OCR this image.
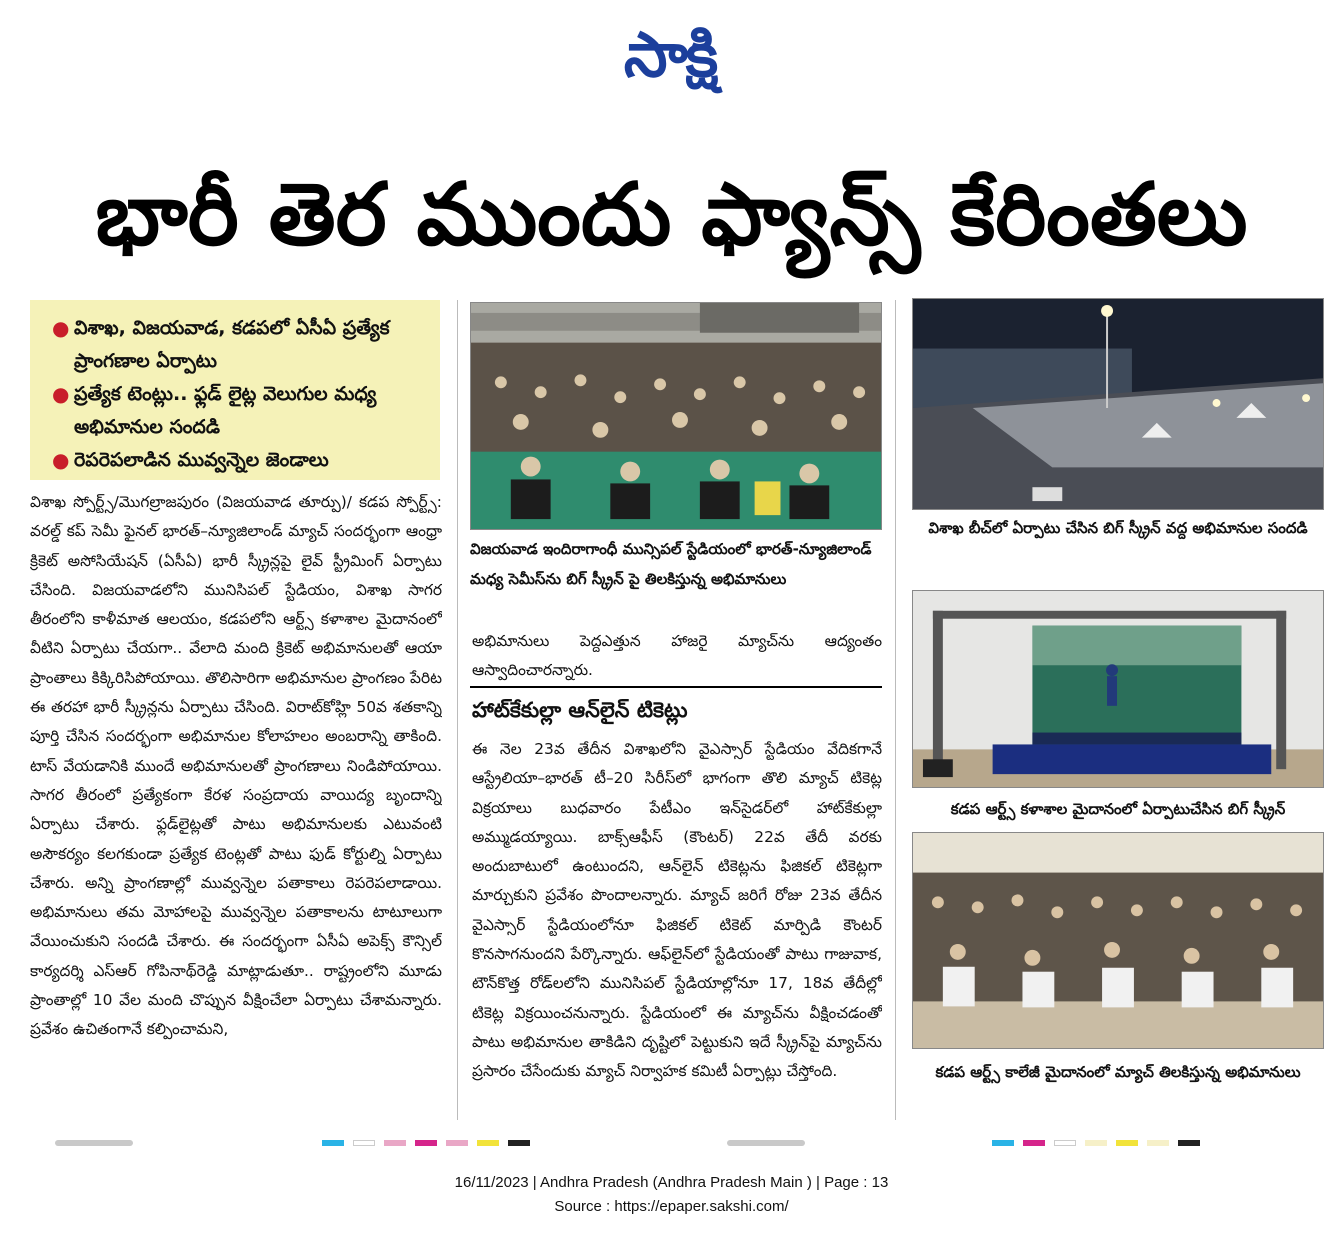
సాక్షి
భారీ తెర ముందు ఫ్యాన్స్ కేరింతలు
● విశాఖ, విజయవాడ, కడపలో ఏసీఏ ప్రత్యేక ప్రాంగణాల ఏర్పాటు
● ప్రత్యేక టెంట్లు.. ఫ్లడ్ లైట్ల వెలుగుల మధ్య అభిమానుల సందడి
● రెపరెపలాడిన మువ్వన్నెల జెండాలు

విశాఖ స్పోర్ట్స్/మొగల్రాజపురం (విజయవాడ తూర్పు)/ కడప స్పోర్ట్స్: వరల్డ్ కప్ సెమీ ఫైనల్ భారత్–న్యూజిలాండ్ మ్యాచ్ సందర్భంగా ఆంధ్రా క్రికెట్ అసోసియేషన్ (ఏసీఏ) భారీ స్క్రీన్లపై లైవ్ స్ట్రీమింగ్ ఏర్పాటు చేసింది. విజయవాడలోని మునిసిపల్ స్టేడియం, విశాఖ సాగర తీరంలోని కాళీమాత ఆలయం, కడపలోని ఆర్ట్స్ కళాశాల మైదానంలో వీటిని ఏర్పాటు చేయగా.. వేలాది మంది క్రికెట్ అభిమానులతో ఆయా ప్రాంతాలు కిక్కిరిసిపోయాయి. తొలిసారిగా అభిమానుల ప్రాంగణం పేరిట ఈ తరహా భారీ స్క్రీన్లను ఏర్పాటు చేసింది. విరాట్‌కోహ్లి 50వ శతకాన్ని పూర్తి చేసిన సందర్భంగా అభిమానుల కోలాహలం అంబరాన్ని తాకింది. టాస్ వేయడానికి ముందే అభిమానులతో ప్రాంగణాలు నిండిపోయాయి. సాగర తీరంలో ప్రత్యేకంగా కేరళ సంప్రదాయ వాయిద్య బృందాన్ని ఏర్పాటు చేశారు. ఫ్లడ్‌లైట్లతో పాటు అభిమానులకు ఎటువంటి అసౌకర్యం కలగకుండా ప్రత్యేక టెంట్లతో పాటు ఫుడ్ కోర్టుల్ని ఏర్పాటు చేశారు. అన్ని ప్రాంగణాల్లో మువ్వన్నెల పతాకాలు రెపరెపలాడాయి. అభిమానులు తమ మోహాలపై మువ్వన్నెల పతాకాలను టాటూలుగా వేయించుకుని సందడి చేశారు. ఈ సందర్భంగా ఏసీఏ అపెక్స్ కౌన్సిల్ కార్యదర్శి ఎస్ఆర్ గోపినాథ్‌రెడ్డి మాట్లాడుతూ.. రాష్ట్రంలోని మూడు ప్రాంతాల్లో 10 వేల మంది చొప్పున వీక్షించేలా ఏర్పాటు చేశామన్నారు. ప్రవేశం ఉచితంగానే కల్పించామని,

విజయవాడ ఇందిరాగాంధీ మున్సిపల్ స్టేడియంలో భారత్-న్యూజిలాండ్ మధ్య సెమీస్‌ను బిగ్ స్క్రీన్ పై తిలకిస్తున్న అభిమానులు

అభిమానులు పెద్దఎత్తున హాజరై మ్యాచ్‌ను ఆద్యంతం ఆస్వాదించారన్నారు.

హాట్‌కేకుల్లా ఆన్‌లైన్ టికెట్లు

ఈ నెల 23వ తేదీన విశాఖలోని వైఎస్సార్ స్టేడియం వేదికగానే ఆస్ట్రేలియా–భారత్ టీ–20 సిరీస్‌లో భాగంగా తొలి మ్యాచ్ టికెట్ల విక్రయాలు బుధవారం పేటీఎం ఇన్‌సైడర్‌లో హాట్‌కేకుల్లా అమ్ముడయ్యాయి. బాక్స్‌ఆఫీస్ (కౌంటర్) 22వ తేదీ వరకు అందుబాటులో ఉంటుందని, ఆన్‌లైన్ టికెట్లను ఫిజికల్ టికెట్లగా మార్చుకుని ప్రవేశం పొందాలన్నారు. మ్యాచ్ జరిగే రోజు 23వ తేదీన వైఎస్సార్ స్టేడియంలోనూ ఫిజికల్ టికెట్ మార్పిడి కౌంటర్ కొనసాగనుందని పేర్కొన్నారు. ఆఫ్‌లైన్‌లో స్టేడియంతో పాటు గాజువాక, టౌన్‌కొత్త రోడ్‌లలోని మునిసిపల్ స్టేడియాల్లోనూ 17, 18వ తేదీల్లో టికెట్ల విక్రయించనున్నారు. స్టేడియంలో ఈ మ్యాచ్‌ను వీక్షించడంతో పాటు అభిమానుల తాకిడిని దృష్టిలో పెట్టుకుని ఇదే స్క్రీన్‌పై మ్యాచ్‌ను ప్రసారం చేసేందుకు మ్యాచ్ నిర్వాహక కమిటీ ఏర్పాట్లు చేస్తోంది.

విశాఖ బీచ్‌లో ఏర్పాటు చేసిన బిగ్ స్క్రీన్ వద్ద అభిమానుల సందడి
కడప ఆర్ట్స్ కళాశాల మైదానంలో ఏర్పాటుచేసిన బిగ్ స్క్రీన్
కడప ఆర్ట్స్ కాలేజీ మైదానంలో మ్యాచ్ తిలకిస్తున్న అభిమానులు
16/11/2023 | Andhra Pradesh (Andhra Pradesh Main ) | Page : 13
Source : https://epaper.sakshi.com/
